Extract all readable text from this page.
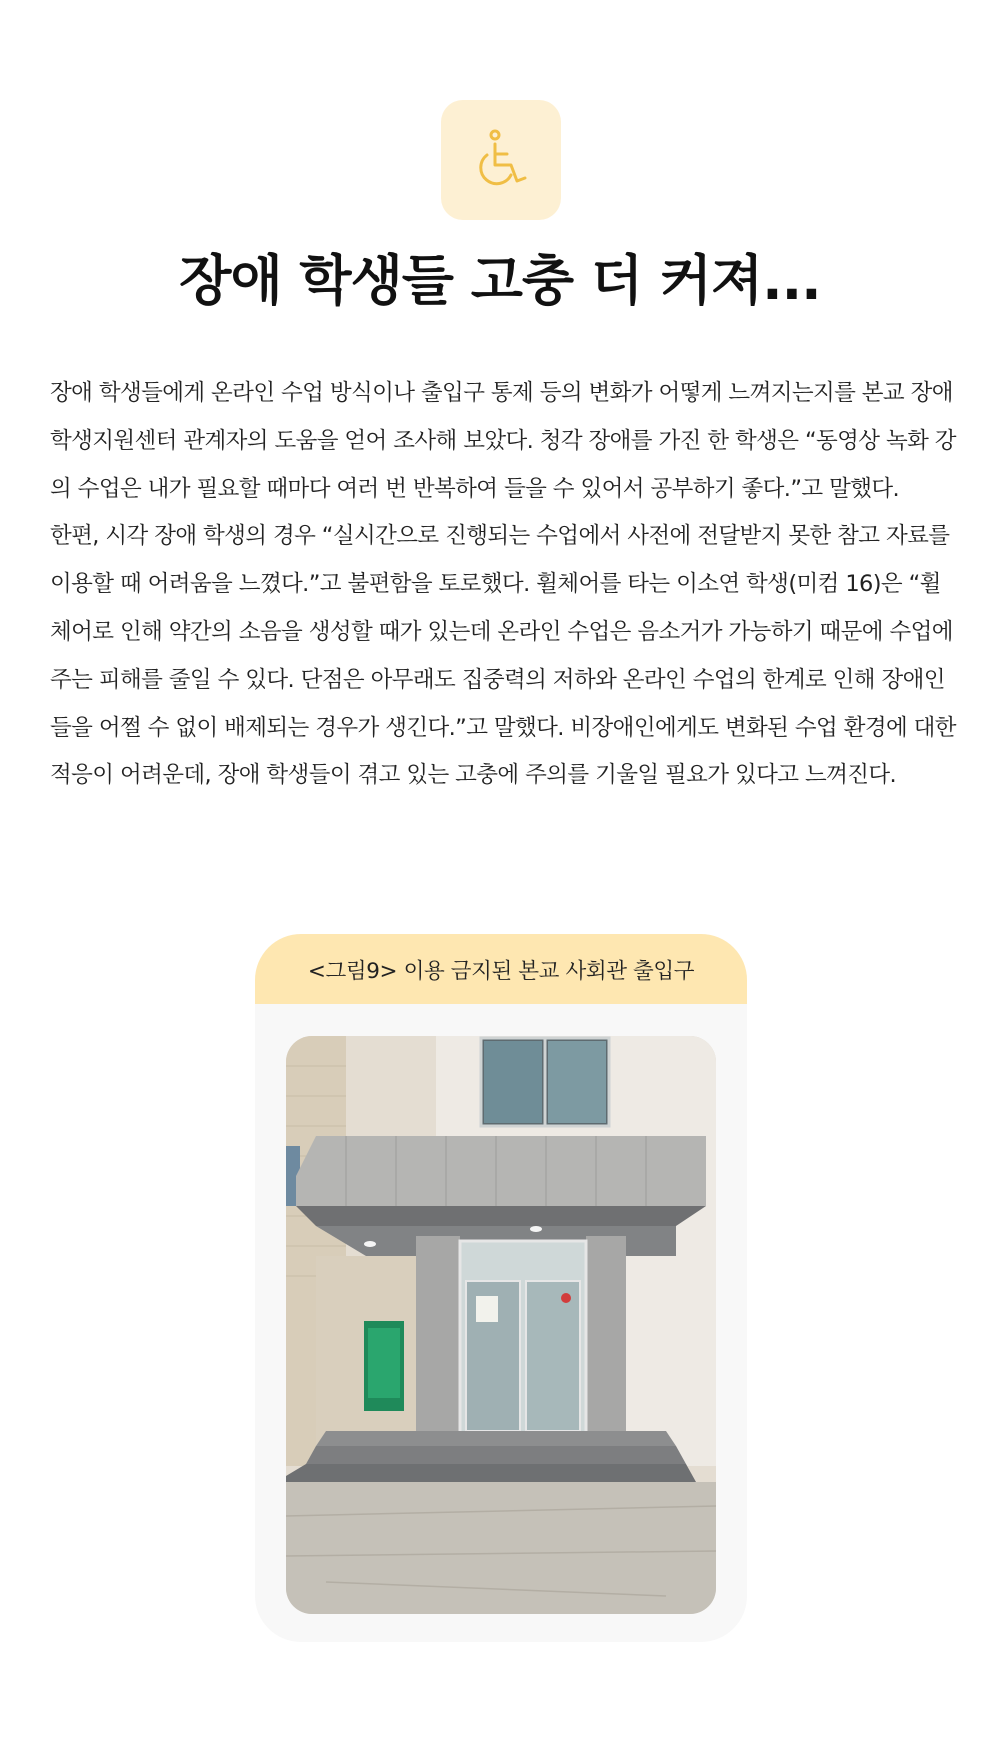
장애 학생들 고충 더 커져...

장애 학생들에게 온라인 수업 방식이나 출입구 통제 등의 변화가 어떻게 느껴지는지를 본교 장애학생지원센터 관계자의 도움을 얻어 조사해 보았다. 청각 장애를 가진 한 학생은 “동영상 녹화 강의 수업은 내가 필요할 때마다 여러 번 반복하여 들을 수 있어서 공부하기 좋다.”고 말했다.

한편, 시각 장애 학생의 경우 “실시간으로 진행되는 수업에서 사전에 전달받지 못한 참고 자료를 이용할 때 어려움을 느꼈다.”고 불편함을 토로했다. 휠체어를 타는 이소연 학생(미컴 16)은 “휠체어로 인해 약간의 소음을 생성할 때가 있는데 온라인 수업은 음소거가 가능하기 때문에 수업에 주는 피해를 줄일 수 있다. 단점은 아무래도 집중력의 저하와 온라인 수업의 한계로 인해 장애인들을 어쩔 수 없이 배제되는 경우가 생긴다.”고 말했다. 비장애인에게도 변화된 수업 환경에 대한 적응이 어려운데, 장애 학생들이 겪고 있는 고충에 주의를 기울일 필요가 있다고 느껴진다.

<그림9> 이용 금지된 본교 사회관 출입구
